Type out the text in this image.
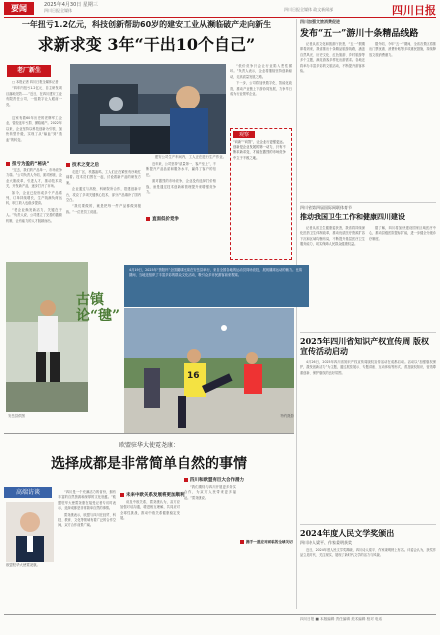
要闻	2025年4月30日 星期三
四川日报全媒体	四川日报全媒体 政文新闻部	四川日报
一年扭亏1.2亿元，科技创新帮助60岁的建安工业从濒临破产走向新生
求新求变 3年“干出10个自己”
老厂新生

□ 本报记者 四川日报全媒体记者

“四年内扭亏1.2亿元、自主研发项目落地见效……”近日，在四川建安工业有限责任公司，一组数字让人眼前一亮。

这家有着60年历史的老牌军工企业，曾经连年亏损、濒临破产。2022年以来，企业坚持以科技创新为引领，加快转型升级，实现了从“输血”到“造血”的转变。

扭亏为盈的“秘诀”

“过去，我们的产品单一，市场竞争力弱。”公司负责人介绍，面对困境，企业大胆改革，引进人才，推动技术攻关，开发新产品，逐步打开了市场。

如今，企业已经形成多个产品系列，订单持续增长，生产线满负荷运转，职工收入也稳步提高。

“老企业焕发新活力，关键在于人。”负责人说，公司建立了完善的激励机制，让有能力的人才脱颖而出。

建安公司生产车间内，工人正在进行生产作业。
技术之变之后

走进厂区，机器轰鸣，工人们正在紧张有序地忙碌着。技术员们围在一起，讨论着新产品的研发方案。

企业通过与高校、科研院所合作，搭建创新平台，攻克了多项关键核心技术，部分产品填补了国内空白。

“我们要做的，就是把每一件产品都做到极致。”一位老员工说道。

近年来，公司坚持“质量第一、客户至上”，不断提升产品品质和服务水平，赢得了客户的信任。

面对激烈的市场竞争，企业没有选择打价格战，而是通过技术创新和管理提升来增强竞争力。

直面低价竞争

“低价竞争只会让行业陷入恶性循环。”负责人表示，企业将继续坚持创新驱动，走高质量发展之路。

下一步，公司将加快数字化、智能化改造，推动产业链上下游协同发展，力争早日成为行业领军企业。

观察
“向新”“向智”，让企业行更强更远。创新是企业发展的第一动力，只有不断求新求变，才能在激烈的市场竞争中立于不败之地。
古镇论“毽”
4月19日，2025年“资阳杯”全国毽球比赛在安岳县举行，来自全国各地的运动员同场竞技，展现毽球运动的魅力。比赛期间，当地还组织了丰富多彩的群众文化活动，吸引众多市民游客前来观赛。
16
安岳县供图	特约摄影
欧盟驻华大使霓尧康：
选择成都是非常简单自然的事情
高端访谈
欧盟驻华大使霓尧康。

“四川是一个充满活力的省份，拥有丰富的自然资源和深厚的文化底蕴。”欧盟驻华大使霓尧康在接受记者专访时表示，选择成都是非常简单自然的事情。

霓尧康表示，欧盟与四川在经贸、科技、教育、文化等领域有着广泛的合作空间，双方合作前景广阔。

未来中欧关系发展将更加顺利

谈及中欧关系，霓尧康认为，双方应加强对话沟通，增进相互理解，共同应对全球性挑战，推动中欧关系健康稳定发展。

四川和欧盟有巨大合作潜力

“我们期待与四川开展更多务实合作，为双方人民带来更多福祉。”霓尧康说。

携手一道应对面临的全球关切
四川加强文旅消费促进
发布“五一”游川十条精品线路

记者从省文化和旅游厅获悉，“五一”假期即将到来，我省推出十条精品旅游线路，涵盖自然风光、历史文化、红色旅游、乡村旅游等多个主题，满足游客多样化出游需求。各地还将举办丰富多彩的文旅活动，不断提升游客体验。

据介绍，今年“五一”期间，全省各景区将推出门票优惠、消费补贴等多项惠民措施，持续释放文旅消费潜力。

四川省第四届国际网联体育节
推动我国卫生工作和健康四川建设

记者从省卫生健康委获悉，我省将持续深化医药卫生体制改革，推动优质医疗资源扩容下沉和区域均衡布局，不断提升基层医疗卫生服务能力，切实保障人民群众健康权益。

据了解，四川将加快建设国家区域医疗中心，推动县级医院提标扩能，进一步健全分级诊疗制度。

2025年四川省知识产权宣传周 版权宣传活动启动

4月26日，2025年四川省知识产权宣传周版权宣传活动在成都启动。活动以“加强版权保护，激发创新活力”为主题，通过展览展示、专题讲座、互动体验等形式，普及版权知识，营造尊重创新、保护版权的良好氛围。

2024年度人民文学奖颁出
四川诗人梁平、作家姜明获奖

近日，2024年度人民文学奖揭晓，四川诗人梁平、作家姜明榜上有名。评委会认为，获奖作品立足时代、关注现实，展现了新时代文学的活力与风貌。

四川日报 ■ 本版编辑 责任编辑 美术编辑 校对 电话
